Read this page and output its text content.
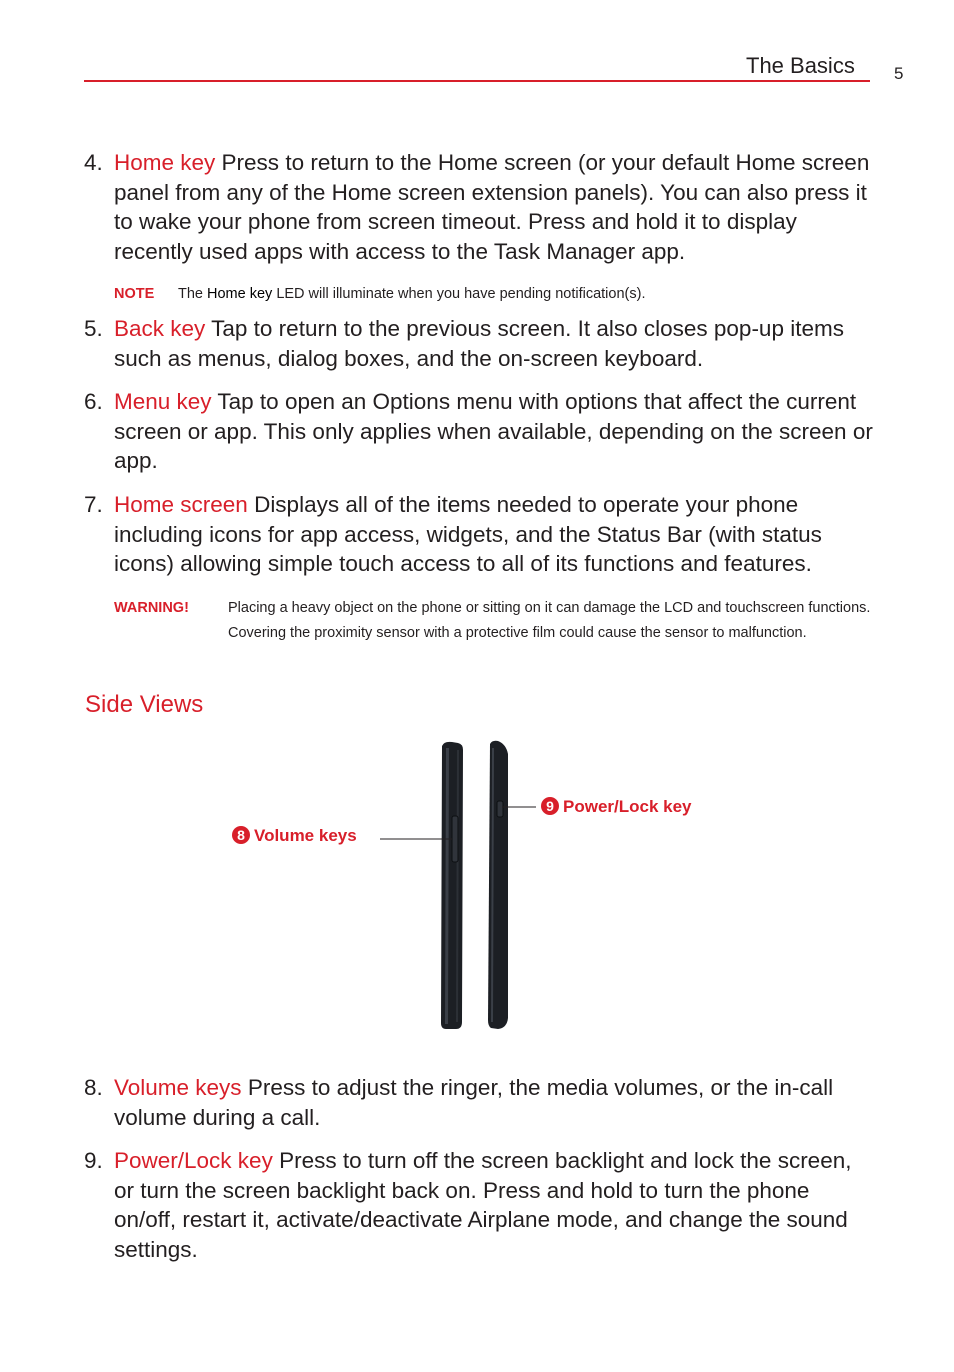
The Basics 5
4. Home key Press to return to the Home screen (or your default Home screen panel from any of the Home screen extension panels). You can also press it to wake your phone from screen timeout. Press and hold it to display recently used apps with access to the Task Manager app.
NOTE The Home key LED will illuminate when you have pending notification(s).
5. Back key Tap to return to the previous screen. It also closes pop-up items such as menus, dialog boxes, and the on-screen keyboard.
6. Menu key Tap to open an Options menu with options that affect the current screen or app. This only applies when available, depending on the screen or app.
7. Home screen Displays all of the items needed to operate your phone including icons for app access, widgets, and the Status Bar (with status icons) allowing simple touch access to all of its functions and features.
WARNING!	Placing a heavy object on the phone or sitting on it can damage the LCD and touchscreen functions. Covering the proximity sensor with a protective film could cause the sensor to malfunction.
Side Views
8 Volume keys
9 Power/Lock key
8. Volume keys Press to adjust the ringer, the media volumes, or the in-call volume during a call.
9. Power/Lock key Press to turn off the screen backlight and lock the screen, or turn the screen backlight back on. Press and hold to turn the phone on/off, restart it, activate/deactivate Airplane mode, and change the sound settings.
